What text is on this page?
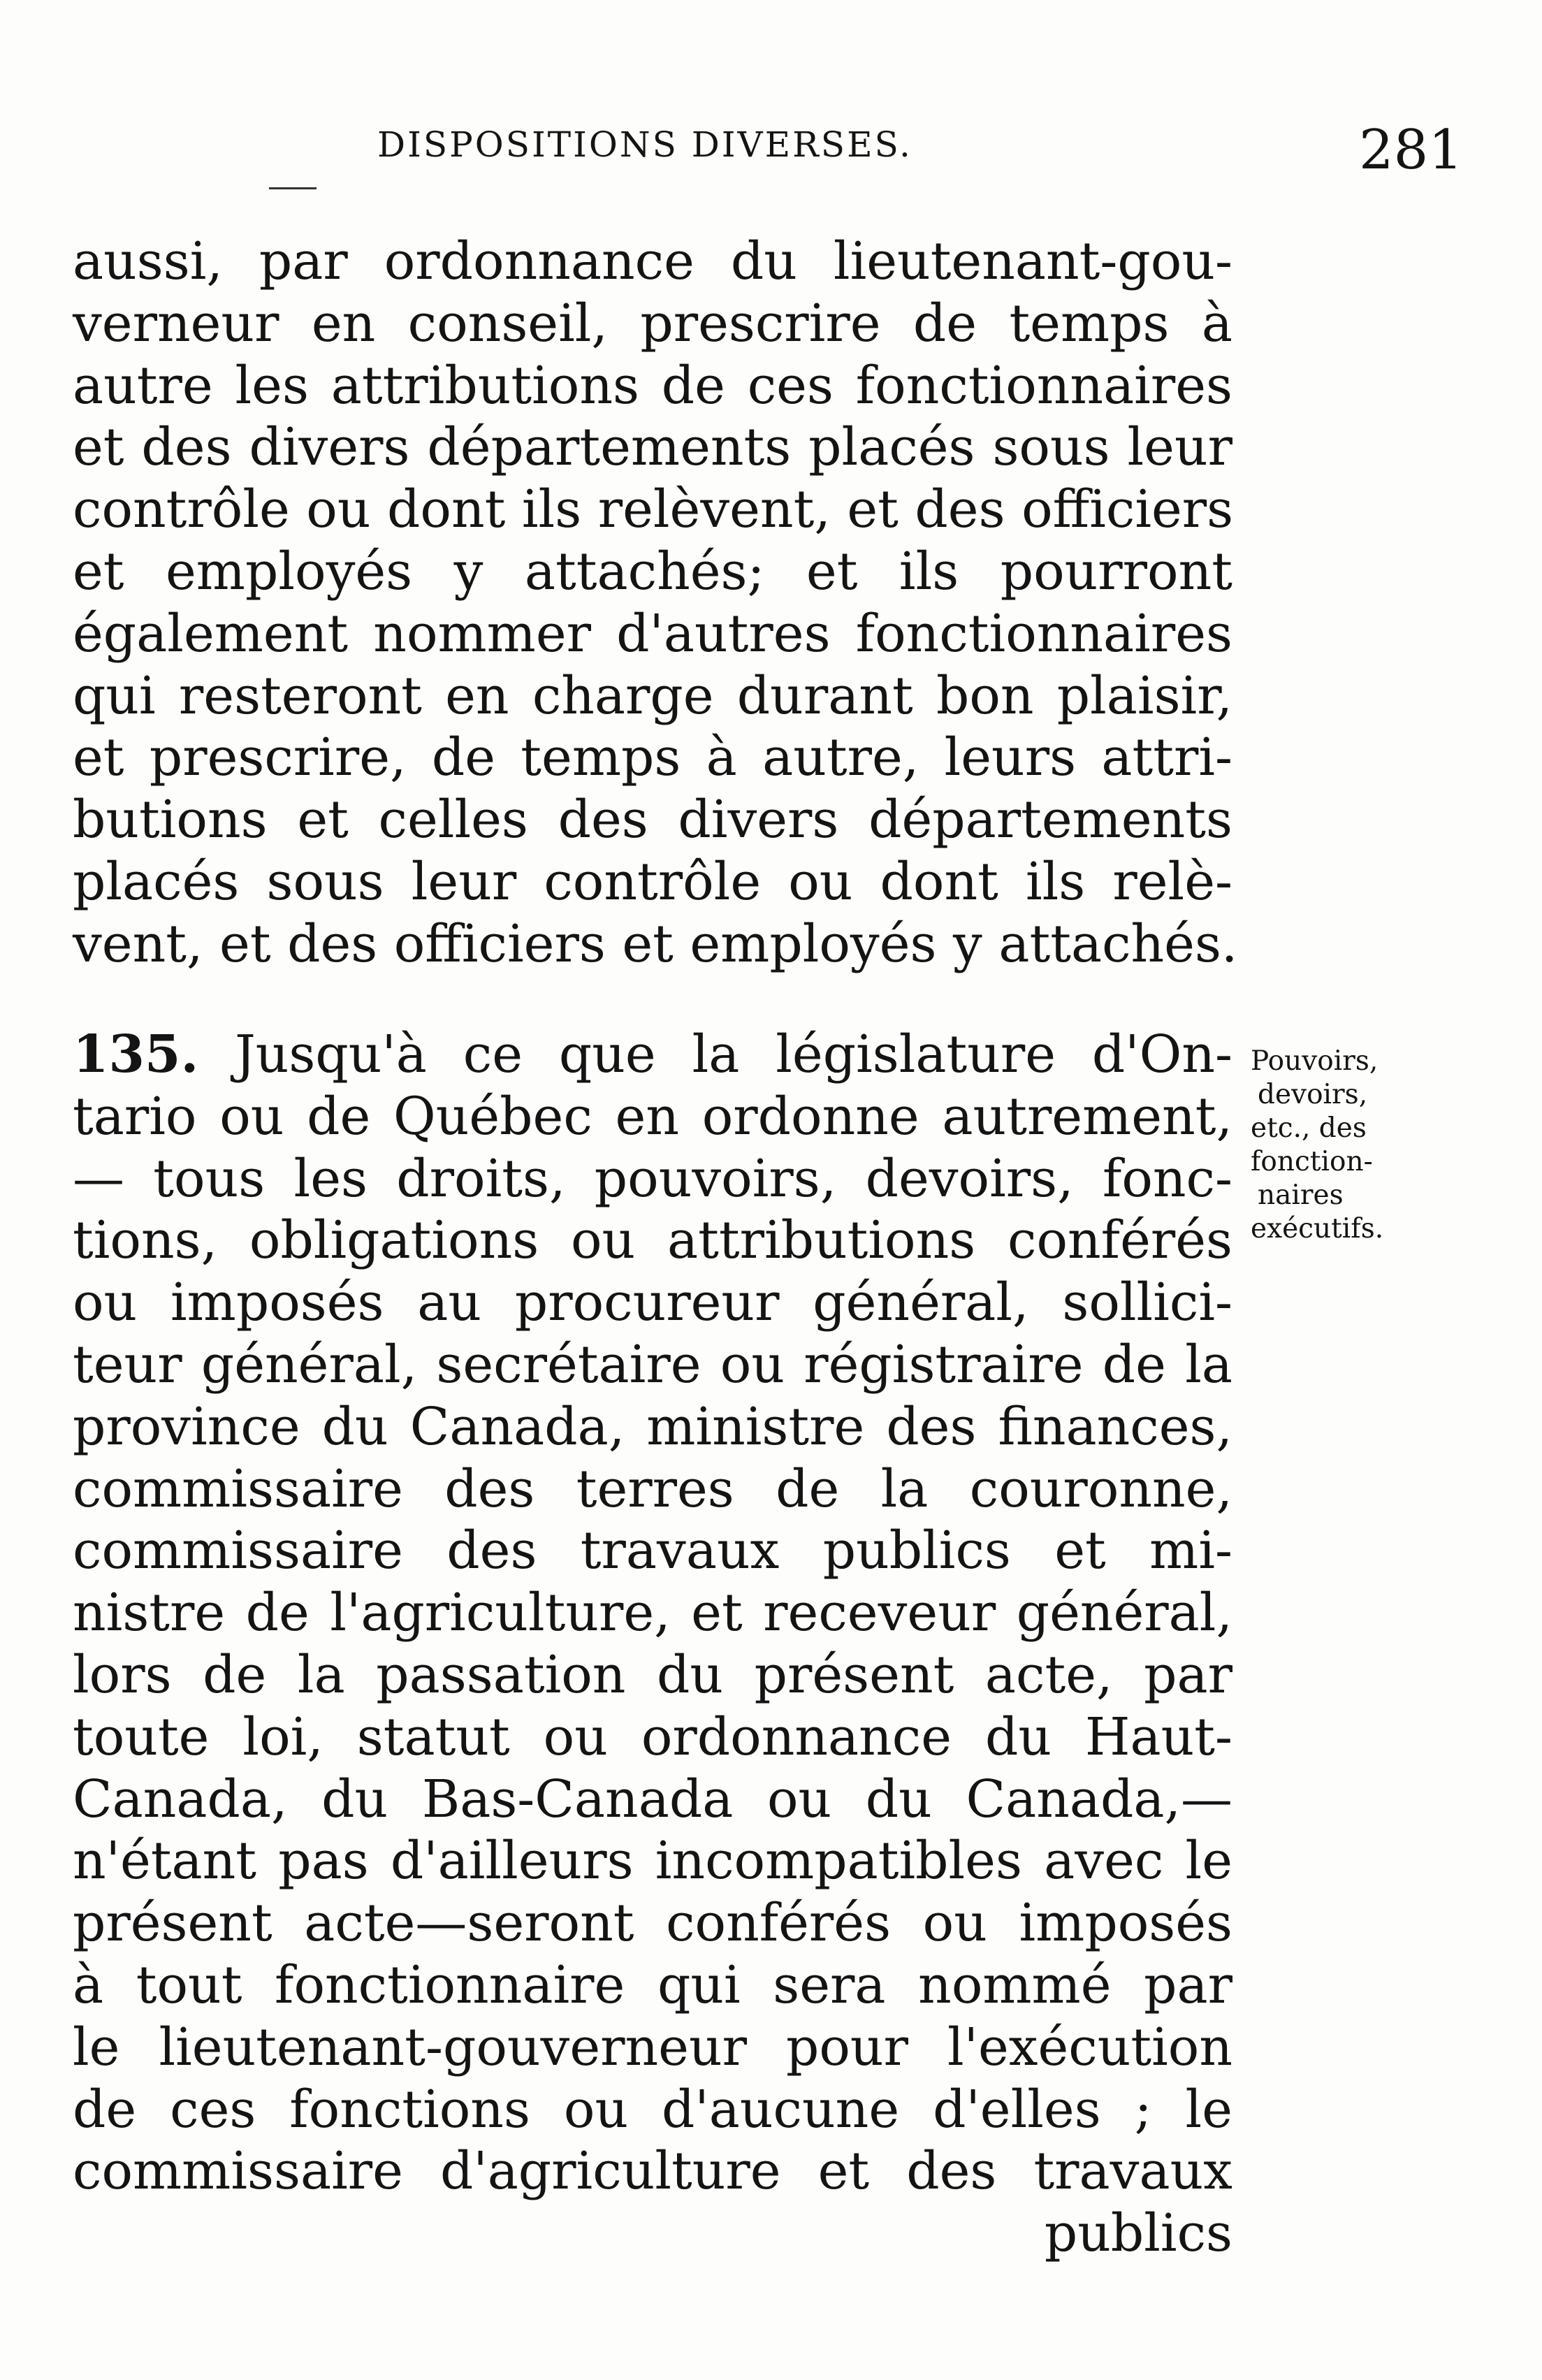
DISPOSITIONS DIVERSES.	281
aussi, par ordonnance du lieutenant-gou-
verneur en conseil, prescrire de temps à
autre les attributions de ces fonctionnaires
et des divers départements placés sous leur
contrôle ou dont ils relèvent, et des officiers
et employés y attachés; et ils pourront
également nommer d'autres fonctionnaires
qui resteront en charge durant bon plaisir,
et prescrire, de temps à autre, leurs attri-
butions et celles des divers départements
placés sous leur contrôle ou dont ils relè-
vent, et des officiers et employés y attachés.
135. Jusqu'à ce que la législature d'On-
tario ou de Québec en ordonne autrement,
— tous les droits, pouvoirs, devoirs, fonc-
tions, obligations ou attributions conférés
ou imposés au procureur général, sollici-
teur général, secrétaire ou régistraire de la
province du Canada, ministre des finances,
commissaire des terres de la couronne,
commissaire des travaux publics et mi-
nistre de l'agriculture, et receveur général,
lors de la passation du présent acte, par
toute loi, statut ou ordonnance du Haut-
Canada, du Bas-Canada ou du Canada,—
n'étant pas d'ailleurs incompatibles avec le
présent acte—seront conférés ou imposés
à tout fonctionnaire qui sera nommé par
le lieutenant-gouverneur pour l'exécution
de ces fonctions ou d'aucune d'elles ; le
commissaire d'agriculture et des travaux
publics
Pouvoirs,
devoirs,
etc., des
fonction-
naires
exécutifs.
